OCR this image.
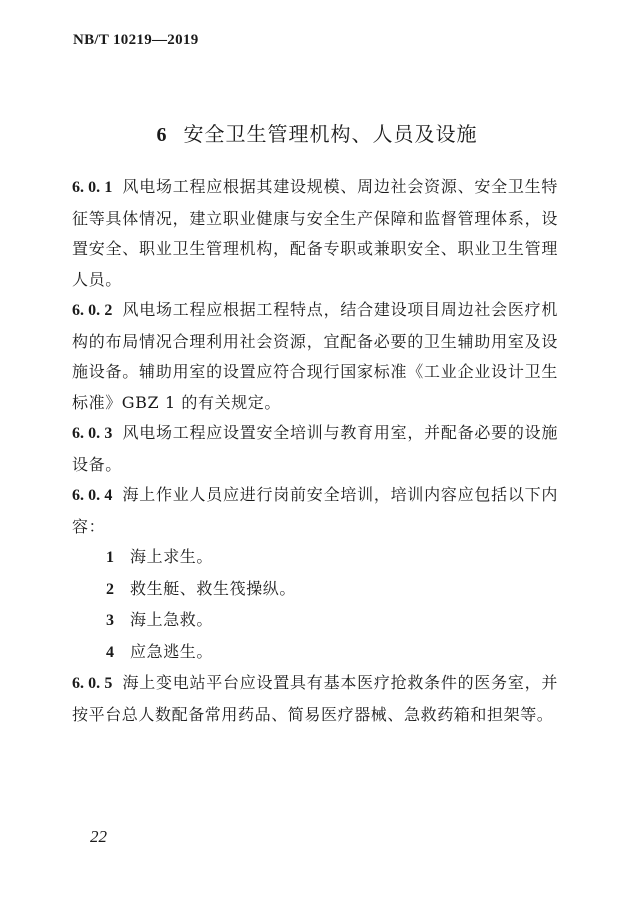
NB/T 10219—2019
6 安全卫生管理机构、人员及设施

6. 0. 1 风电场工程应根据其建设规模、周边社会资源、安全卫生特征等具体情况，建立职业健康与安全生产保障和监督管理体系，设置安全、职业卫生管理机构，配备专职或兼职安全、职业卫生管理人员。

6. 0. 2 风电场工程应根据工程特点，结合建设项目周边社会医疗机构的布局情况合理利用社会资源，宜配备必要的卫生辅助用室及设施设备。辅助用室的设置应符合现行国家标准《工业企业设计卫生标准》GBZ 1 的有关规定。

6. 0. 3 风电场工程应设置安全培训与教育用室，并配备必要的设施设备。

6. 0. 4 海上作业人员应进行岗前安全培训，培训内容应包括以下内容：

1 海上求生。

2 救生艇、救生筏操纵。

3 海上急救。

4 应急逃生。

6. 0. 5 海上变电站平台应设置具有基本医疗抢救条件的医务室，并按平台总人数配备常用药品、简易医疗器械、急救药箱和担架等。

22
